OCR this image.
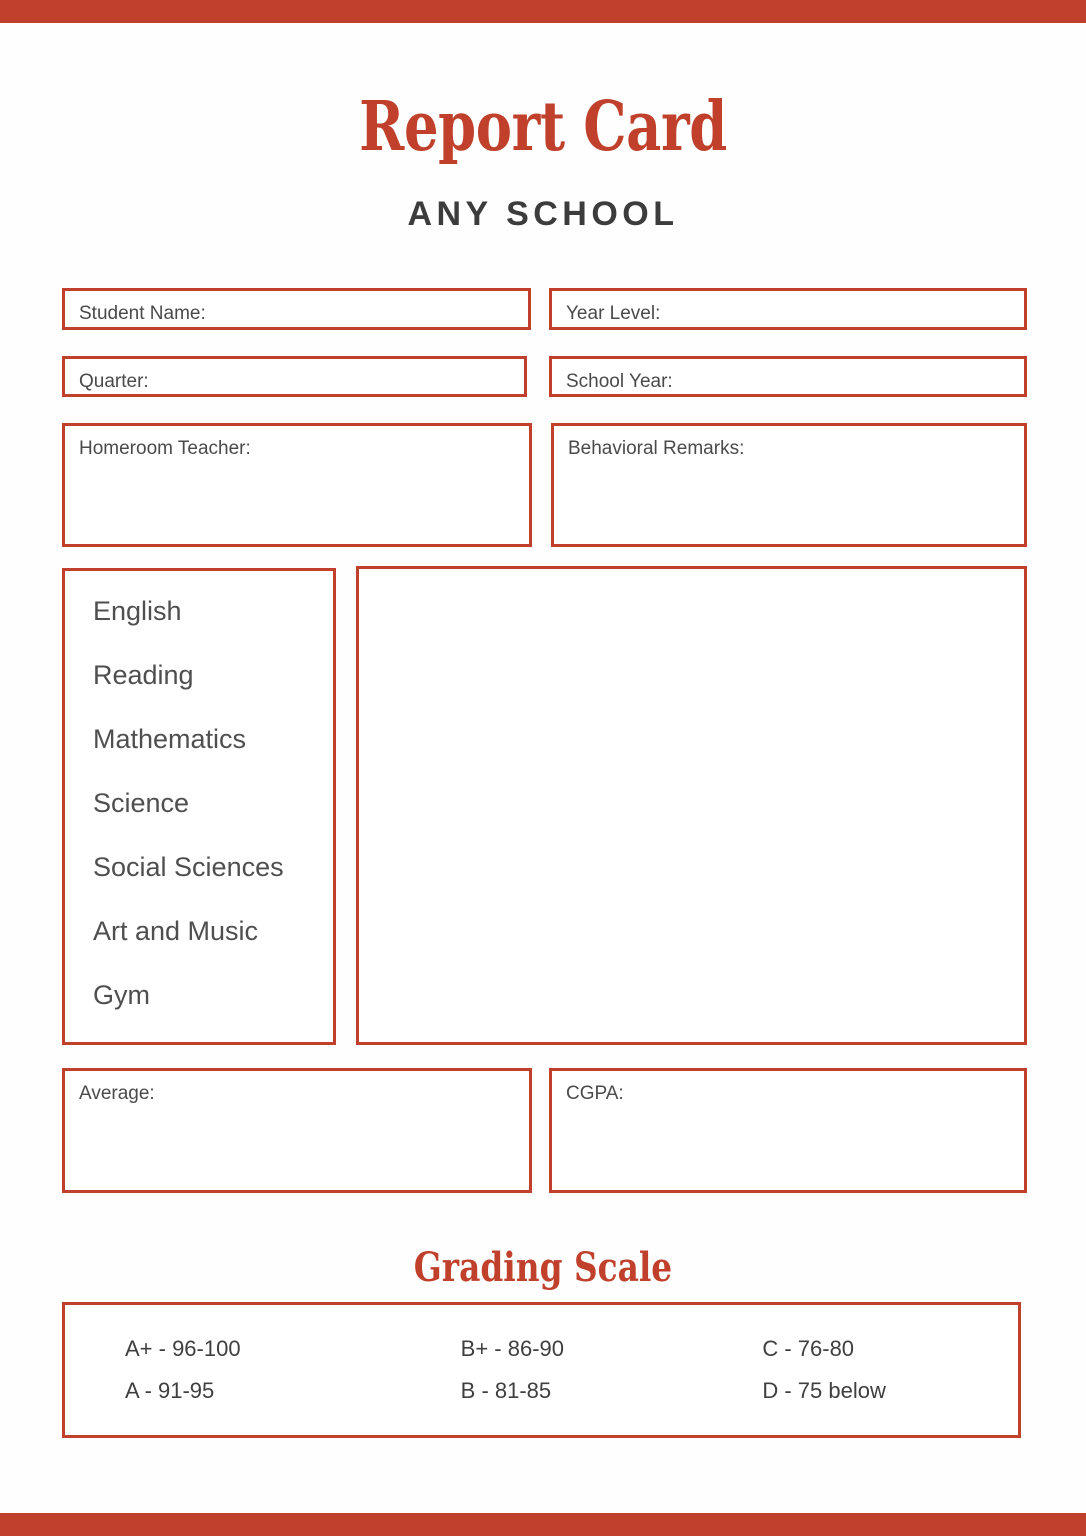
Report Card
ANY SCHOOL
Student Name:	Year Level:
Quarter:	School Year:
Homeroom Teacher:	Behavioral Remarks:
English
Reading
Mathematics
Science
Social Sciences
Art and Music
Gym
Average:	CGPA:
Grading Scale
A+ - 96-100	B+ - 86-90	C - 76-80
A - 91-95	B - 81-85	D - 75 below
